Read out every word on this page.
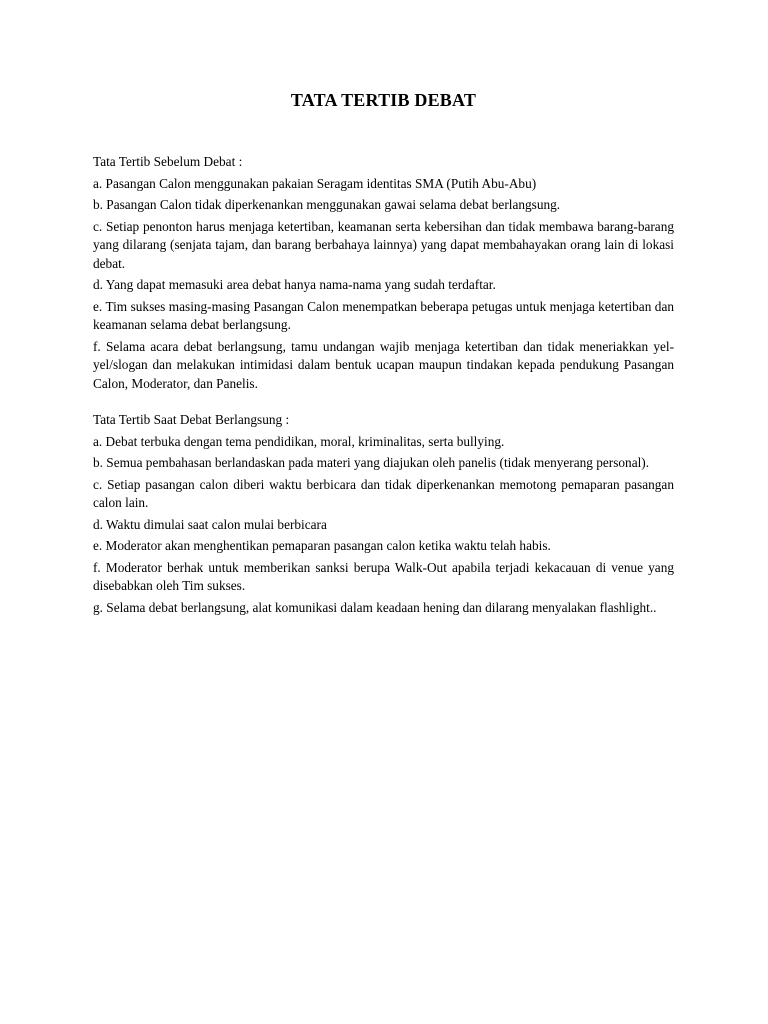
TATA TERTIB DEBAT
Tata Tertib Sebelum Debat :
a. Pasangan Calon menggunakan pakaian Seragam identitas SMA (Putih Abu-Abu)
b. Pasangan Calon tidak diperkenankan menggunakan gawai selama debat berlangsung.
c. Setiap penonton harus menjaga ketertiban, keamanan serta kebersihan dan tidak membawa barang-barang yang dilarang (senjata tajam, dan barang berbahaya lainnya) yang dapat membahayakan orang lain di lokasi debat.
d. Yang dapat memasuki area debat hanya nama-nama yang sudah terdaftar.
e. Tim sukses masing-masing Pasangan Calon menempatkan beberapa petugas untuk menjaga ketertiban dan keamanan selama debat berlangsung.
f. Selama acara debat berlangsung, tamu undangan wajib menjaga ketertiban dan tidak meneriakkan yel-yel/slogan dan melakukan intimidasi dalam bentuk ucapan maupun tindakan kepada pendukung Pasangan Calon, Moderator, dan Panelis.
Tata Tertib Saat Debat Berlangsung :
a. Debat terbuka dengan tema pendidikan, moral, kriminalitas, serta bullying.
b. Semua pembahasan berlandaskan pada materi yang diajukan oleh panelis (tidak menyerang personal).
c. Setiap pasangan calon diberi waktu berbicara dan tidak diperkenankan memotong pemaparan pasangan calon lain.
d. Waktu dimulai saat calon mulai berbicara
e. Moderator akan menghentikan pemaparan pasangan calon ketika waktu telah habis.
f. Moderator berhak untuk memberikan sanksi berupa Walk-Out apabila terjadi kekacauan di venue yang disebabkan oleh Tim sukses.
g. Selama debat berlangsung, alat komunikasi dalam keadaan hening dan dilarang menyalakan flashlight..
